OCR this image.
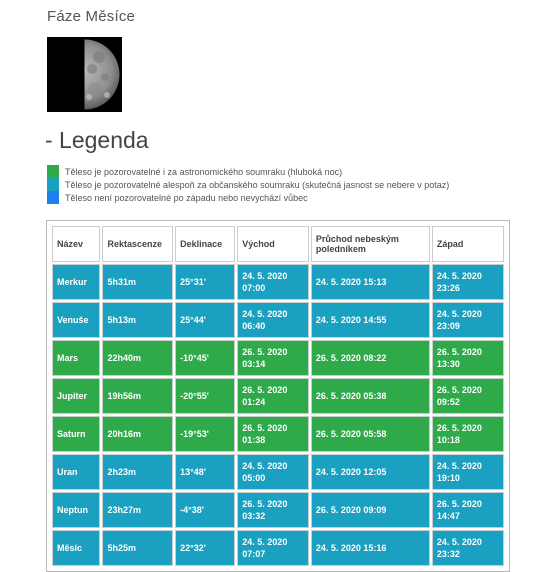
Fáze Měsíce
- Legenda
Těleso je pozorovatelné i za astronomického soumraku (hluboká noc)
Těleso je pozorovatelné alespoň za občanského soumraku (skutečná jasnost se nebere v potaz)
Těleso není pozorovatelné po západu nebo nevychází vůbec
Název	Rektascenze	Deklinace	Východ	Průchod nebeským poledníkem	Západ
Merkur	5h31m	25°31'	24. 5. 2020 07:00	24. 5. 2020 15:13	24. 5. 2020 23:26
Venuše	5h13m	25°44'	24. 5. 2020 06:40	24. 5. 2020 14:55	24. 5. 2020 23:09
Mars	22h40m	-10°45'	26. 5. 2020 03:14	26. 5. 2020 08:22	26. 5. 2020 13:30
Jupiter	19h56m	-20°55'	26. 5. 2020 01:24	26. 5. 2020 05:38	26. 5. 2020 09:52
Saturn	20h16m	-19°53'	26. 5. 2020 01:38	26. 5. 2020 05:58	26. 5. 2020 10:18
Uran	2h23m	13°48'	24. 5. 2020 05:00	24. 5. 2020 12:05	24. 5. 2020 19:10
Neptun	23h27m	-4°38'	26. 5. 2020 03:32	26. 5. 2020 09:09	26. 5. 2020 14:47
Měsíc	5h25m	22°32'	24. 5. 2020 07:07	24. 5. 2020 15:16	24. 5. 2020 23:32
